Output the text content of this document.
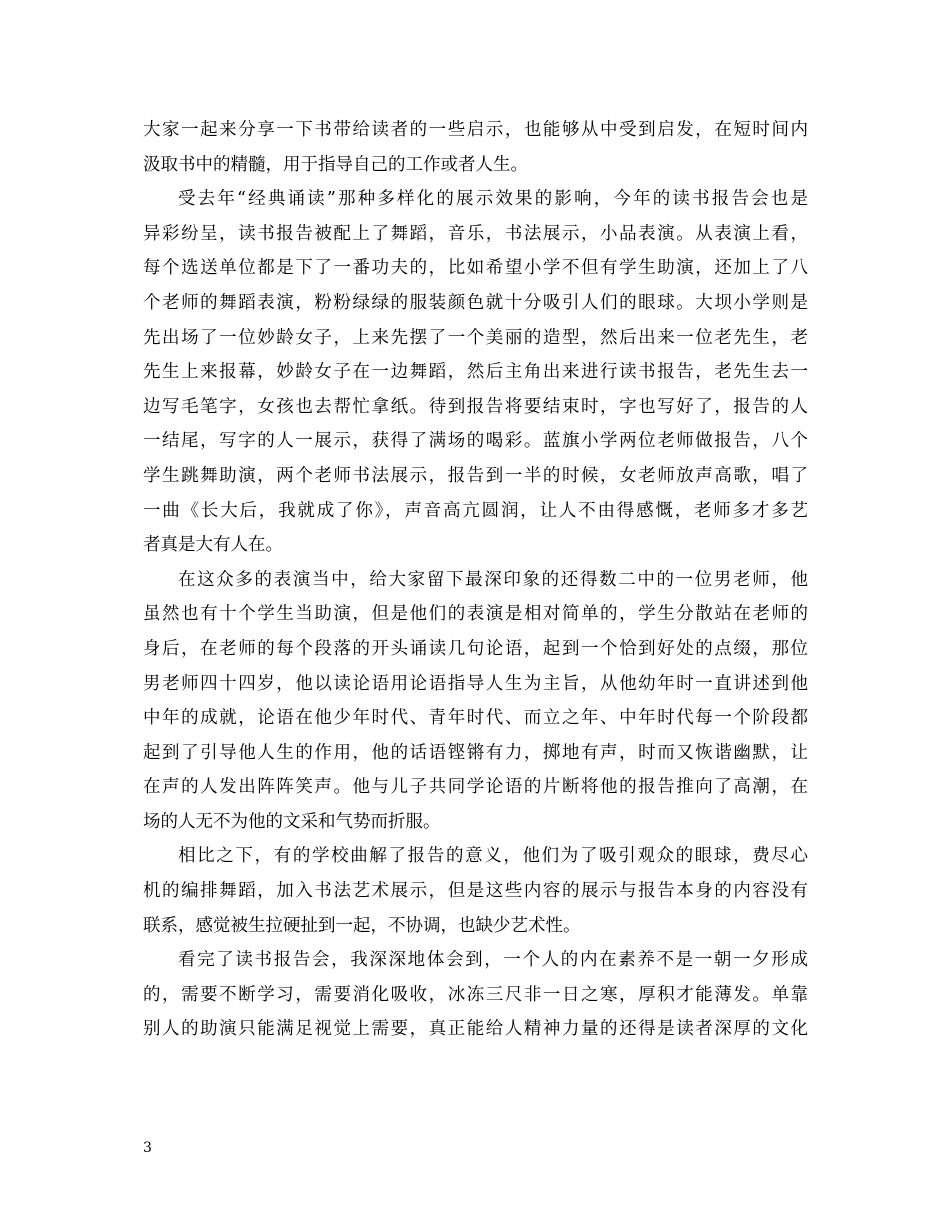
大家一起来分享一下书带给读者的一些启示，也能够从中受到启发，在短时间内
汲取书中的精髓，用于指导自己的工作或者人生。
受去年“经典诵读”那种多样化的展示效果的影响，今年的读书报告会也是
异彩纷呈，读书报告被配上了舞蹈，音乐，书法展示，小品表演。从表演上看，
每个选送单位都是下了一番功夫的，比如希望小学不但有学生助演，还加上了八
个老师的舞蹈表演，粉粉绿绿的服装颜色就十分吸引人们的眼球。大坝小学则是
先出场了一位妙龄女子，上来先摆了一个美丽的造型，然后出来一位老先生，老
先生上来报幕，妙龄女子在一边舞蹈，然后主角出来进行读书报告，老先生去一
边写毛笔字，女孩也去帮忙拿纸。待到报告将要结束时，字也写好了，报告的人
一结尾，写字的人一展示，获得了满场的喝彩。蓝旗小学两位老师做报告，八个
学生跳舞助演，两个老师书法展示，报告到一半的时候，女老师放声高歌，唱了
一曲《长大后，我就成了你》，声音高亢圆润，让人不由得感慨，老师多才多艺
者真是大有人在。
在这众多的表演当中，给大家留下最深印象的还得数二中的一位男老师，他
虽然也有十个学生当助演，但是他们的表演是相对简单的，学生分散站在老师的
身后，在老师的每个段落的开头诵读几句论语，起到一个恰到好处的点缀，那位
男老师四十四岁，他以读论语用论语指导人生为主旨，从他幼年时一直讲述到他
中年的成就，论语在他少年时代、青年时代、而立之年、中年时代每一个阶段都
起到了引导他人生的作用，他的话语铿锵有力，掷地有声，时而又恢谐幽默，让
在声的人发出阵阵笑声。他与儿子共同学论语的片断将他的报告推向了高潮，在
场的人无不为他的文采和气势而折服。
相比之下，有的学校曲解了报告的意义，他们为了吸引观众的眼球，费尽心
机的编排舞蹈，加入书法艺术展示，但是这些内容的展示与报告本身的内容没有
联系，感觉被生拉硬扯到一起，不协调，也缺少艺术性。
看完了读书报告会，我深深地体会到，一个人的内在素养不是一朝一夕形成
的，需要不断学习，需要消化吸收，冰冻三尺非一日之寒，厚积才能薄发。单靠
别人的助演只能满足视觉上需要，真正能给人精神力量的还得是读者深厚的文化
3
